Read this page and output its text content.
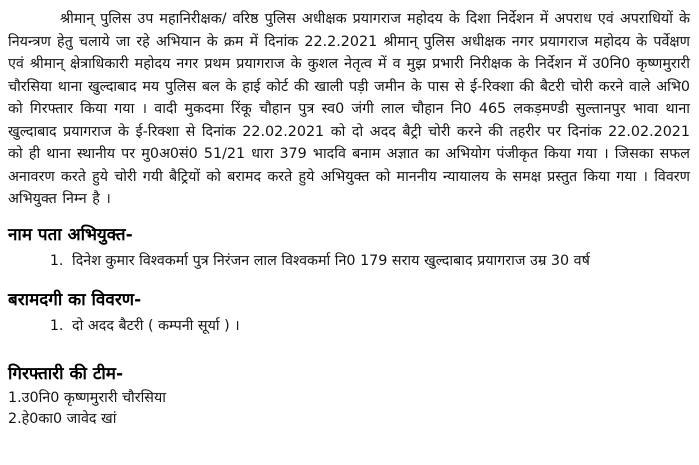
श्रीमान् पुलिस उप महानिरीक्षक/ वरिष्ठ पुलिस अधीक्षक प्रयागराज महोदय के दिशा निर्देशन में अपराध एवं अपराधियों के नियन्त्रण हेतु चलाये जा रहे अभियान के क्रम में दिनांक 22.2.2021 श्रीमान् पुलिस अधीक्षक नगर प्रयागराज महोदय के पर्वेक्षण एवं श्रीमान् क्षेत्राधिकारी महोदय नगर प्रथम प्रयागराज के कुशल नेतृत्व में व मुझ प्रभारी निरीक्षक के निर्देशन में उ0नि0 कृष्णमुरारी चौरसिया थाना खुल्दाबाद मय पुलिस बल के हाई कोर्ट की खाली पड़ी जमीन के पास से ई-रिक्शा की बैटरी चोरी करने वाले अभि0 को गिरफ्तार किया गया । वादी मुकदमा रिंकू चौहान पुत्र स्व0 जंगी लाल चौहान नि0 465 लकड़मण्डी सुल्तानपुर भावा थाना खुल्दाबाद प्रयागराज के ई-रिक्शा से दिनांक 22.02.2021 को दो अदद बैट्री चोरी करने की तहरीर पर दिनांक 22.02.2021 को ही थाना स्थानीय पर मु0अ0सं0 51/21 धारा 379 भादवि बनाम अज्ञात का अभियोग पंजीकृत किया गया । जिसका सफल अनावरण करते हुये चोरी गयी बैट्रियों को बरामद करते हुये अभियुक्त को माननीय न्यायालय के समक्ष प्रस्तुत किया गया । विवरण अभियुक्त निम्न है ।

नाम पता अभियुक्त-
1. दिनेश कुमार विश्वकर्मा पुत्र निरंजन लाल विश्वकर्मा नि0 179 सराय खुल्दाबाद प्रयागराज उम्र 30 वर्ष
बरामदगी का विवरण-
1. दो अदद बैटरी ( कम्पनी सूर्या ) ।
गिरफ्तारी की टीम-

1.उ0नि0 कृष्णमुरारी चौरसिया

2.हे0का0 जावेद खां
